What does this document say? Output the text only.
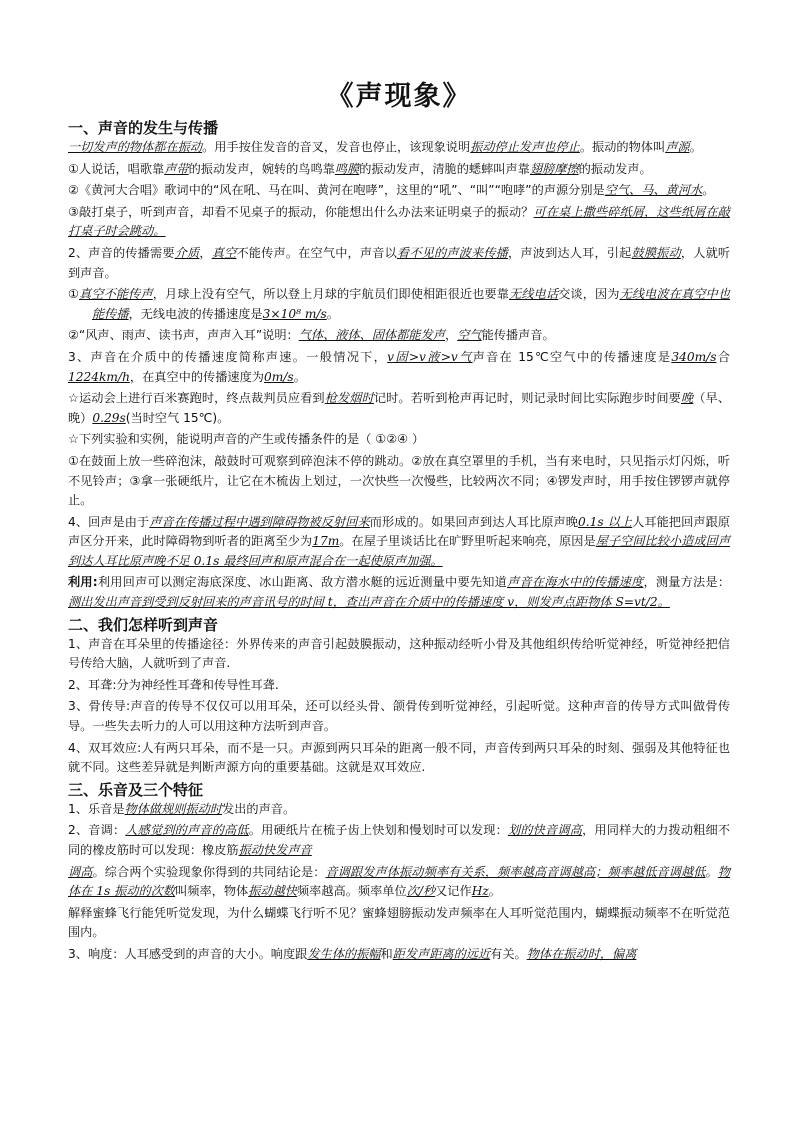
《声现象》
一、声音的发生与传播
一切发声的物体都在振动。用手按住发音的音叉，发音也停止，该现象说明振动停止发声也停止。振动的物体叫声源。
①人说话，唱歌靠声带的振动发声，婉转的鸟鸣靠鸣膜的振动发声，清脆的蟋蟀叫声靠翅膀摩擦的振动发声。
②《黄河大合唱》歌词中的“风在吼、马在叫、黄河在咆哮”，这里的“吼”、“叫”“咆哮”的声源分别是空气、马、黄河水。
③敲打桌子，听到声音，却看不见桌子的振动，你能想出什么办法来证明桌子的振动？可在桌上撒些碎纸屑，这些纸屑在敲打桌子时会跳动。
2、声音的传播需要介质，真空不能传声。在空气中，声音以看不见的声波来传播，声波到达人耳，引起鼓膜振动，人就听到声音。
①真空不能传声，月球上没有空气，所以登上月球的宇航员们即使相距很近也要靠无线电话交谈，因为无线电波在真空中也能传播，无线电波的传播速度是3×10⁸ m/s。
②“风声、雨声、读书声，声声入耳”说明：气体、液体、固体都能发声，空气能传播声音。
3、声音在介质中的传播速度简称声速。一般情况下，v固>v液>v气声音在 15℃空气中的传播速度是340m/s合1224km/h，在真空中的传播速度为0m/s。
☆运动会上进行百米赛跑时，终点裁判员应看到枪发烟时记时。若听到枪声再记时，则记录时间比实际跑步时间要晚（早、晚）0.29s(当时空气 15℃)。
☆下列实验和实例，能说明声音的产生或传播条件的是（ ①②④ ）
①在鼓面上放一些碎泡沫，敲鼓时可观察到碎泡沫不停的跳动。②放在真空罩里的手机，当有来电时，只见指示灯闪烁，听不见铃声；③拿一张硬纸片，让它在木梳齿上划过，一次快些一次慢些，比较两次不同；④锣发声时，用手按住锣锣声就停止。
4、回声是由于声音在传播过程中遇到障碍物被反射回来而形成的。如果回声到达人耳比原声晚0.1s 以上人耳能把回声跟原声区分开来，此时障碍物到听者的距离至少为17m。在屋子里谈话比在旷野里听起来响亮，原因是屋子空间比较小造成回声到达人耳比原声晚不足 0.1s 最终回声和原声混合在一起使原声加强。
利用:利用回声可以测定海底深度、冰山距离、敌方潜水艇的远近测量中要先知道声音在海水中的传播速度，测量方法是：测出发出声音到受到反射回来的声音讯号的时间 t，查出声音在介质中的传播速度 v，则发声点距物体 S=vt/2。
二、我们怎样听到声音
1、声音在耳朵里的传播途径：外界传来的声音引起鼓膜振动，这种振动经听小骨及其他组织传给听觉神经，听觉神经把信号传给大脑，人就听到了声音.
2、耳聋:分为神经性耳聋和传导性耳聋.
3、骨传导:声音的传导不仅仅可以用耳朵，还可以经头骨、颌骨传到听觉神经，引起听觉。这种声音的传导方式叫做骨传导。一些失去听力的人可以用这种方法听到声音。
4、双耳效应:人有两只耳朵，而不是一只。声源到两只耳朵的距离一般不同，声音传到两只耳朵的时刻、强弱及其他特征也就不同。这些差异就是判断声源方向的重要基础。这就是双耳效应.
三、乐音及三个特征
1、乐音是物体做规则振动时发出的声音。
2、音调：人感觉到的声音的高低。用硬纸片在梳子齿上快划和慢划时可以发现：划的快音调高，用同样大的力拨动粗细不同的橡皮筋时可以发现：橡皮筋振动快发声音
调高。综合两个实验现象你得到的共同结论是：音调跟发声体振动频率有关系，频率越高音调越高；频率越低音调越低。物体在 1s 振动的次数叫频率，物体振动越快频率越高。频率单位次/秒又记作Hz。
解释蜜蜂飞行能凭听觉发现，为什么蝴蝶飞行听不见？蜜蜂翅膀振动发声频率在人耳听觉范围内，蝴蝶振动频率不在听觉范围内。
3、响度：人耳感受到的声音的大小。响度跟发生体的振幅和距发声距离的远近有关。物体在振动时，偏离
